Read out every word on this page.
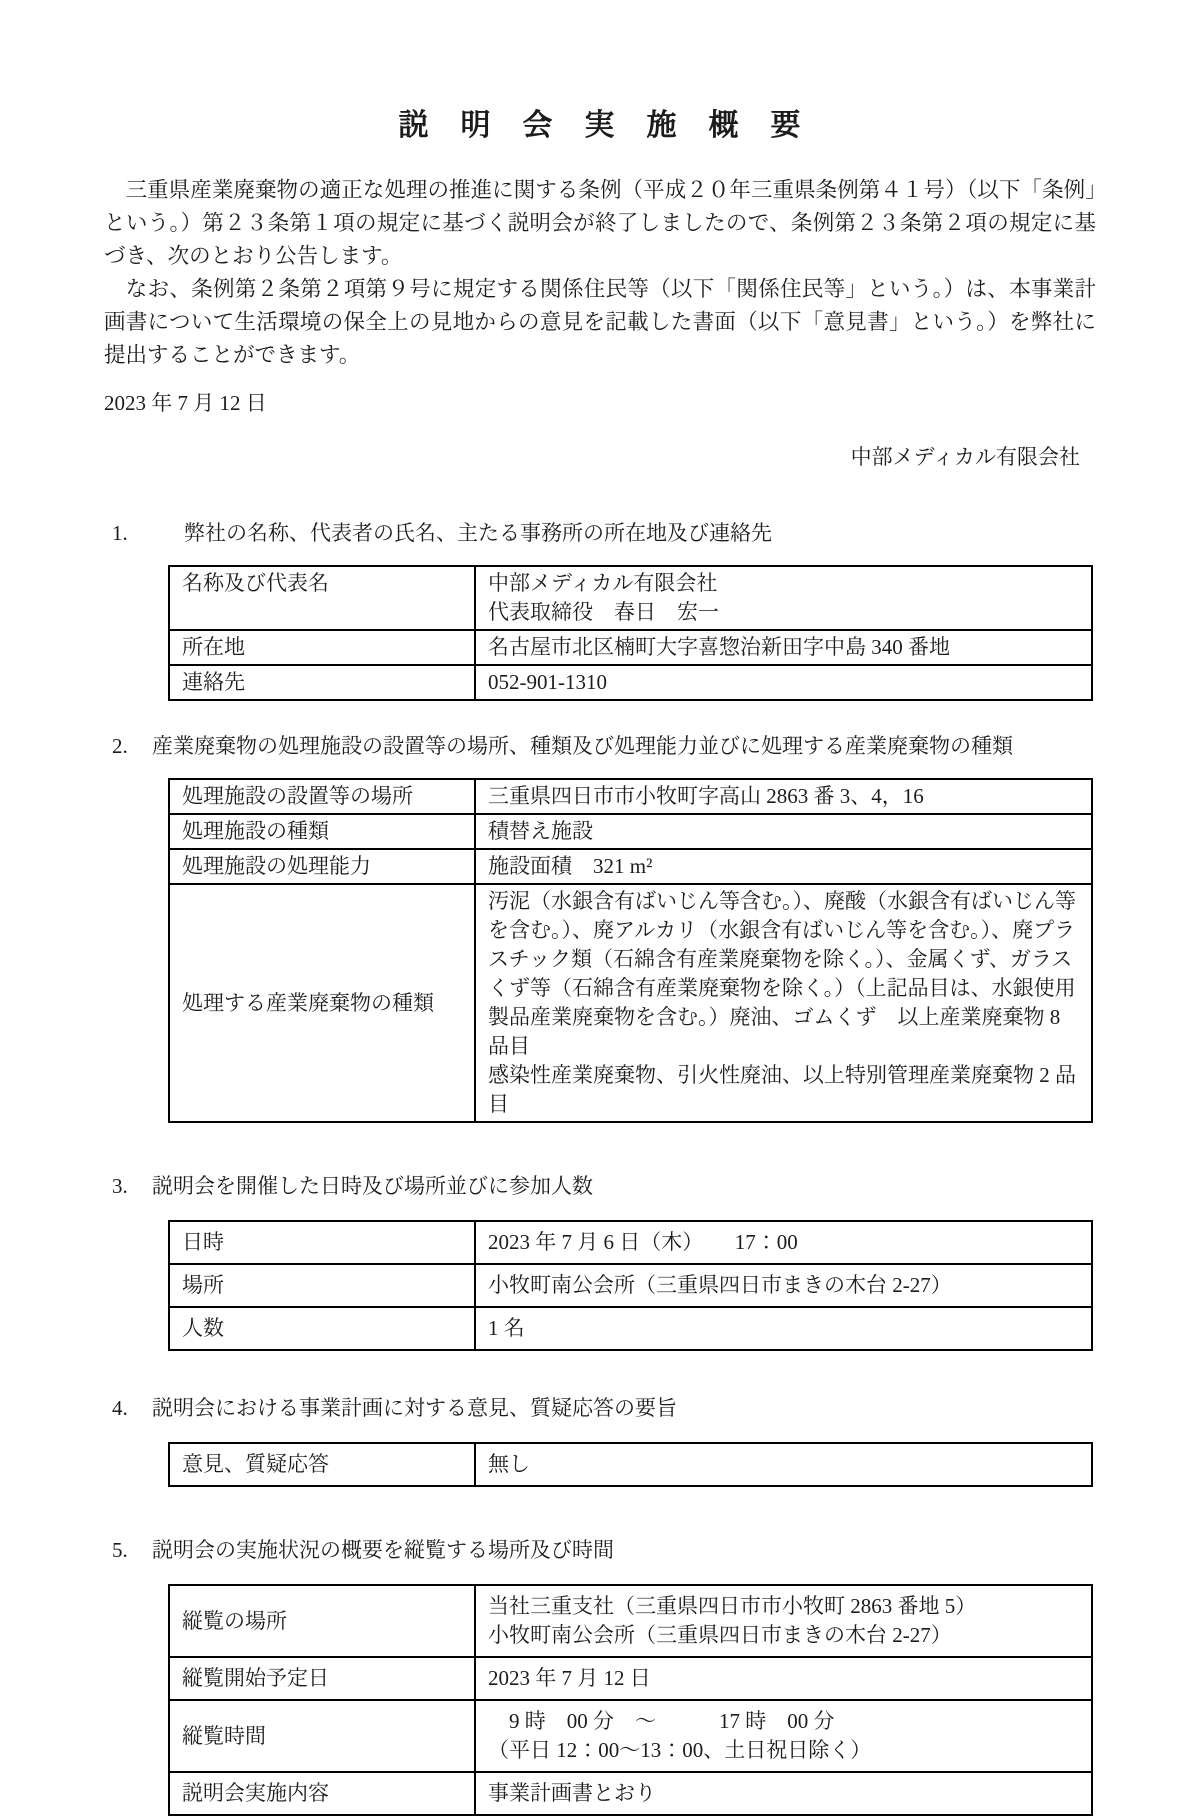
説　明　会　実　施　概　要

　三重県産業廃棄物の適正な処理の推進に関する条例（平成２０年三重県条例第４１号）（以下「条例」という。）第２３条第１項の規定に基づく説明会が終了しましたので、条例第２３条第２項の規定に基づき、次のとおり公告します。

　なお、条例第２条第２項第９号に規定する関係住民等（以下「関係住民等」という。）は、本事業計画書について生活環境の保全上の見地からの意見を記載した書面（以下「意見書」という。）を弊社に提出することができます。

2023 年 7 月 12 日
中部メディカル有限会社
1.	弊社の名称、代表者の氏名、主たる事務所の所在地及び連絡先
名称及び代表名	中部メディカル有限会社
代表取締役　春日　宏一

所在地	名古屋市北区楠町大字喜惣治新田字中島 340 番地

連絡先	052-901-1310
2.	産業廃棄物の処理施設の設置等の場所、種類及び処理能力並びに処理する産業廃棄物の種類
処理施設の設置等の場所	三重県四日市市小牧町字高山 2863 番 3、4，16

処理施設の種類	積替え施設

処理施設の処理能力	施設面積　321 m²

処理する産業廃棄物の種類	汚泥（水銀含有ばいじん等含む。）、廃酸（水銀含有ばいじん等を含む。）、廃アルカリ（水銀含有ばいじん等を含む。）、廃プラスチック類（石綿含有産業廃棄物を除く。）、金属くず、ガラスくず等（石綿含有産業廃棄物を除く。）（上記品目は、水銀使用製品産業廃棄物を含む。）廃油、ゴムくず　以上産業廃棄物 8 品目
感染性産業廃棄物、引火性廃油、以上特別管理産業廃棄物 2 品目
3.	説明会を開催した日時及び場所並びに参加人数
日時	2023 年 7 月 6 日（木）　　17：00

場所	小牧町南公会所（三重県四日市まきの木台 2-27）

人数	1 名
4.	説明会における事業計画に対する意見、質疑応答の要旨
意見、質疑応答	無し
5.	説明会の実施状況の概要を縦覧する場所及び時間
縦覧の場所	当社三重支社（三重県四日市市小牧町 2863 番地 5）
小牧町南公会所（三重県四日市まきの木台 2-27）

縦覧開始予定日	2023 年 7 月 12 日

縦覧時間	　9 時　00 分　～　　　17 時　00 分
（平日 12：00～13：00、土日祝日除く）

説明会実施内容	事業計画書とおり
